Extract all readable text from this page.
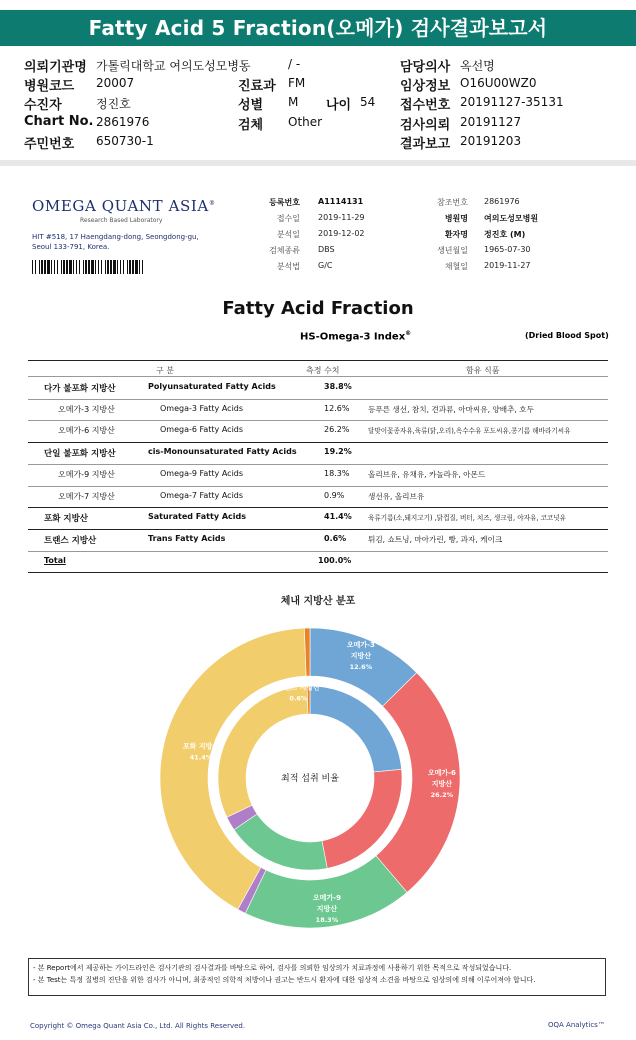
Fatty Acid 5 Fraction(오메가) 검사결과보고서
의뢰기관명 가톨릭대학교 여의도성모병동	/ -
병원코드 20007
수진자	정진호
Chart No. 2861976
주민번호 650730-1
진료과 FM
성별 M 나이 54
검체 Other
담당의사 옥선명
임상정보 O16U00WZ0
접수번호 20191127-35131
검사의뢰 20191127
결과보고 20191203
OMEGA QUANT ASIA®
Research Based Laboratory
HIT #518, 17 Haengdang-dong, Seongdong-gu,
Seoul 133-791, Korea.
등록번호 A1114131
접수일 2019-11-29
분석일 2019-12-02
검체종류 DBS
분석법 G/C
참조번호 2861976
병원명 여의도성모병원
환자명 정진호 (M)
생년월일 1965-07-30
채혈일 2019-11-27
Fatty Acid Fraction
HS-Omega-3 Index®	(Dried Blood Spot)
구 분	측정 수치	함유 식품
다가 불포화 지방산	Polyunsaturated Fatty Acids	38.8%
오메가-3 지방산	Omega-3 Fatty Acids	12.6% 등푸른 생선, 참치, 견과류, 아마씨유, 양배추, 호두
오메가-6 지방산	Omega-6 Fatty Acids	26.2%	달맞이꽃종자유,육류(닭,오리),옥수수유 포도씨유,콩기름 해바라기씨유
단일 불포화 지방산	cis-Monounsaturated Fatty Acids	19.2%
오메가-9 지방산	Omega-9 Fatty Acids	18.3% 올리브유, 유채유, 카놀라유, 아몬드
오메가-7 지방산	Omega-7 Fatty Acids	0.9%	생선유, 올리브유
포화 지방산	Saturated Fatty Acids	41.4% 육류기름(소,돼지고기) ,닭껍질, 버터, 치즈, 생크림, 야자유, 코코넛유
트랜스 지방산	Trans Fatty Acids	0.6%	튀김, 쇼트닝, 마아가린, 빵, 과자, 케이크
Total	100.0%
체내 지방산 분포
최적 섭취 비율
오메가-3 지방산 12.6%
오메가-6 지방산 26.2%
오메가-9 지방산 18.3%
오메가-7 지방산 0.9%
포화 지방산 41.4%
트랜스 지방산 0.6%
- 본 Report에서 제공하는 가이드라인은 검사기관의 검사결과를 바탕으로 하여, 검사를 의뢰한 임상의가 치료과정에 사용하기 위한 목적으로 작성되었습니다.
- 본 Test는 특정 질병의 진단을 위한 검사가 아니며, 최종적인 의학적 처방이나 권고는 반드시 환자에 대한 임상적 소견을 바탕으로 임상의에 의해 이루어져야 합니다.
Copyright © Omega Quant Asia Co., Ltd. All Rights Reserved.	OQA Analytics™
